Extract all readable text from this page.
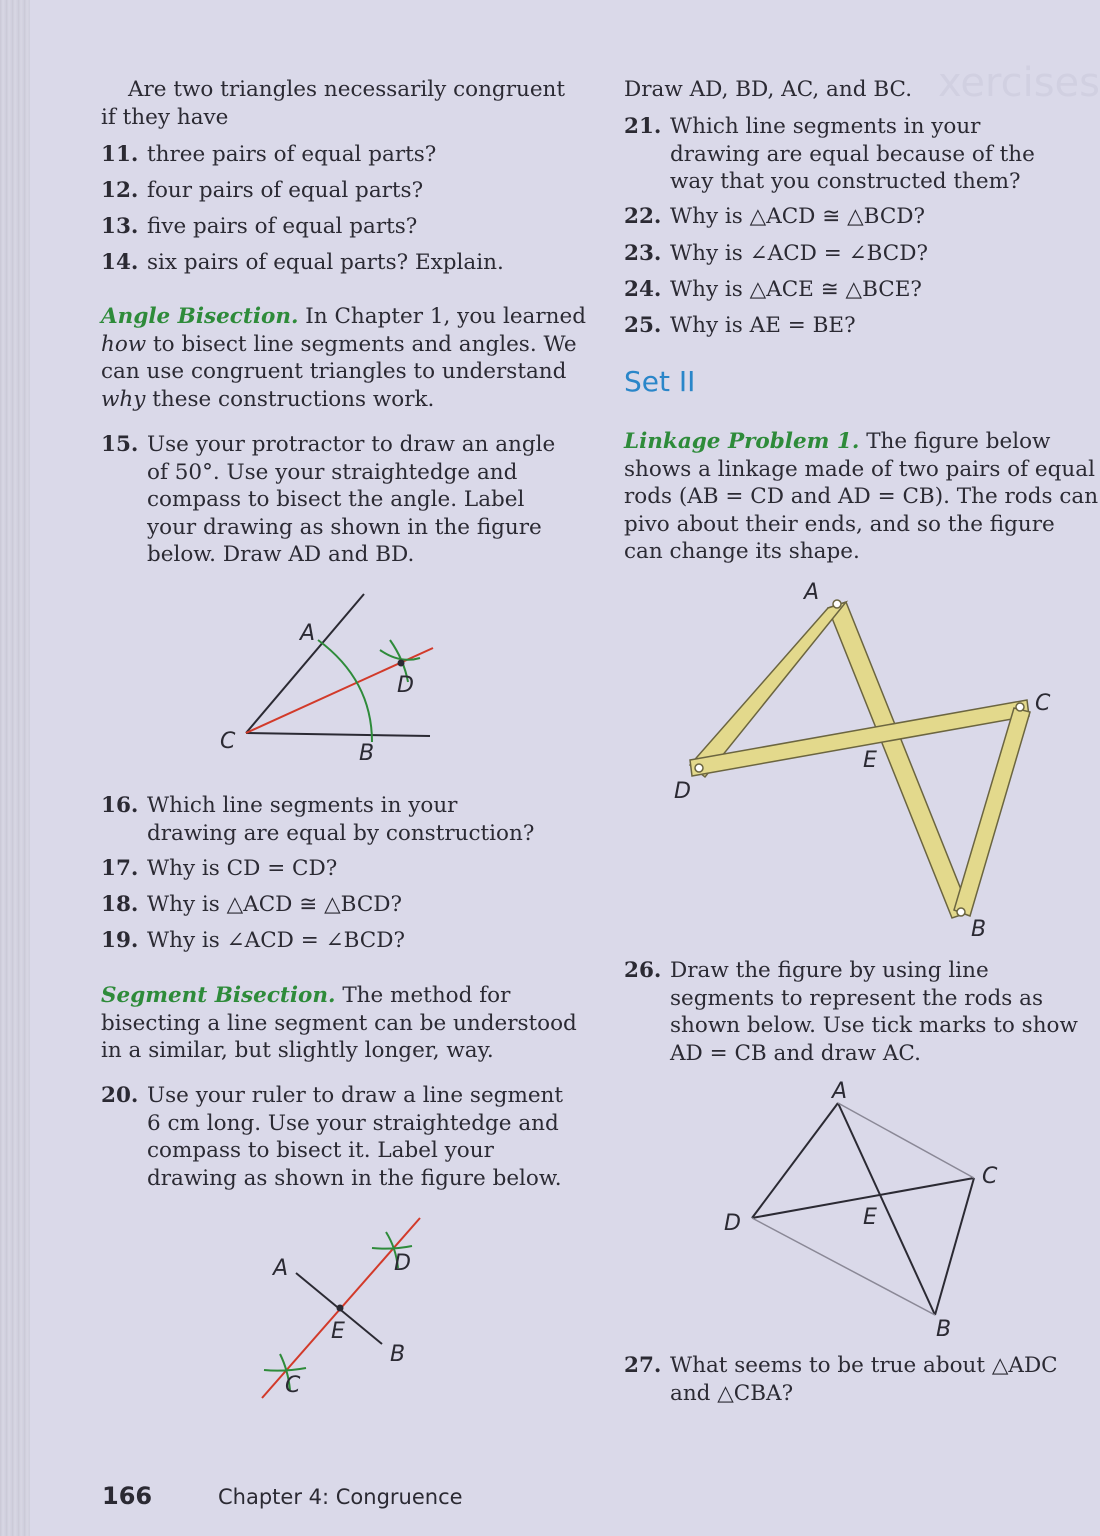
xercises
Are two triangles necessarily congruent if they have
11. three pairs of equal parts?
12. four pairs of equal parts?
13. five pairs of equal parts?
14. six pairs of equal parts? Explain.
Angle Bisection. In Chapter 1, you learned how to bisect line segments and angles. We can use congruent triangles to understand why these constructions work.
15. Use your protractor to draw an angle of 50°. Use your straightedge and compass to bisect the angle. Label your drawing as shown in the figure below. Draw AD and BD.
A
D
C	B
16. Which line segments in your drawing are equal by construction?
17. Why is CD = CD?
18. Why is △ACD ≅ △BCD?
19. Why is ∠ACD = ∠BCD?
Segment Bisection. The method for bisecting a line segment can be understood in a similar, but slightly longer, way.
20. Use your ruler to draw a line segment 6 cm long. Use your straightedge and compass to bisect it. Label your drawing as shown in the figure below.
A	D
E
B
C
Draw AD, BD, AC, and BC.
21. Which line segments in your drawing are equal because of the way that you constructed them?
22. Why is △ACD ≅ △BCD?
23. Why is ∠ACD = ∠BCD?
24. Why is △ACE ≅ △BCE?
25. Why is AE = BE?
Set II
Linkage Problem 1. The figure below shows a linkage made of two pairs of equal rods (AB = CD and AD = CB). The rods can pivo about their ends, and so the figure can change its shape.
A
C
E
D
B
26. Draw the figure by using line segments to represent the rods as shown below. Use tick marks to show AD = CB and draw AC.
A
C
E
D
B
27. What seems to be true about △ADC and △CBA?
166	Chapter 4: Congruence
